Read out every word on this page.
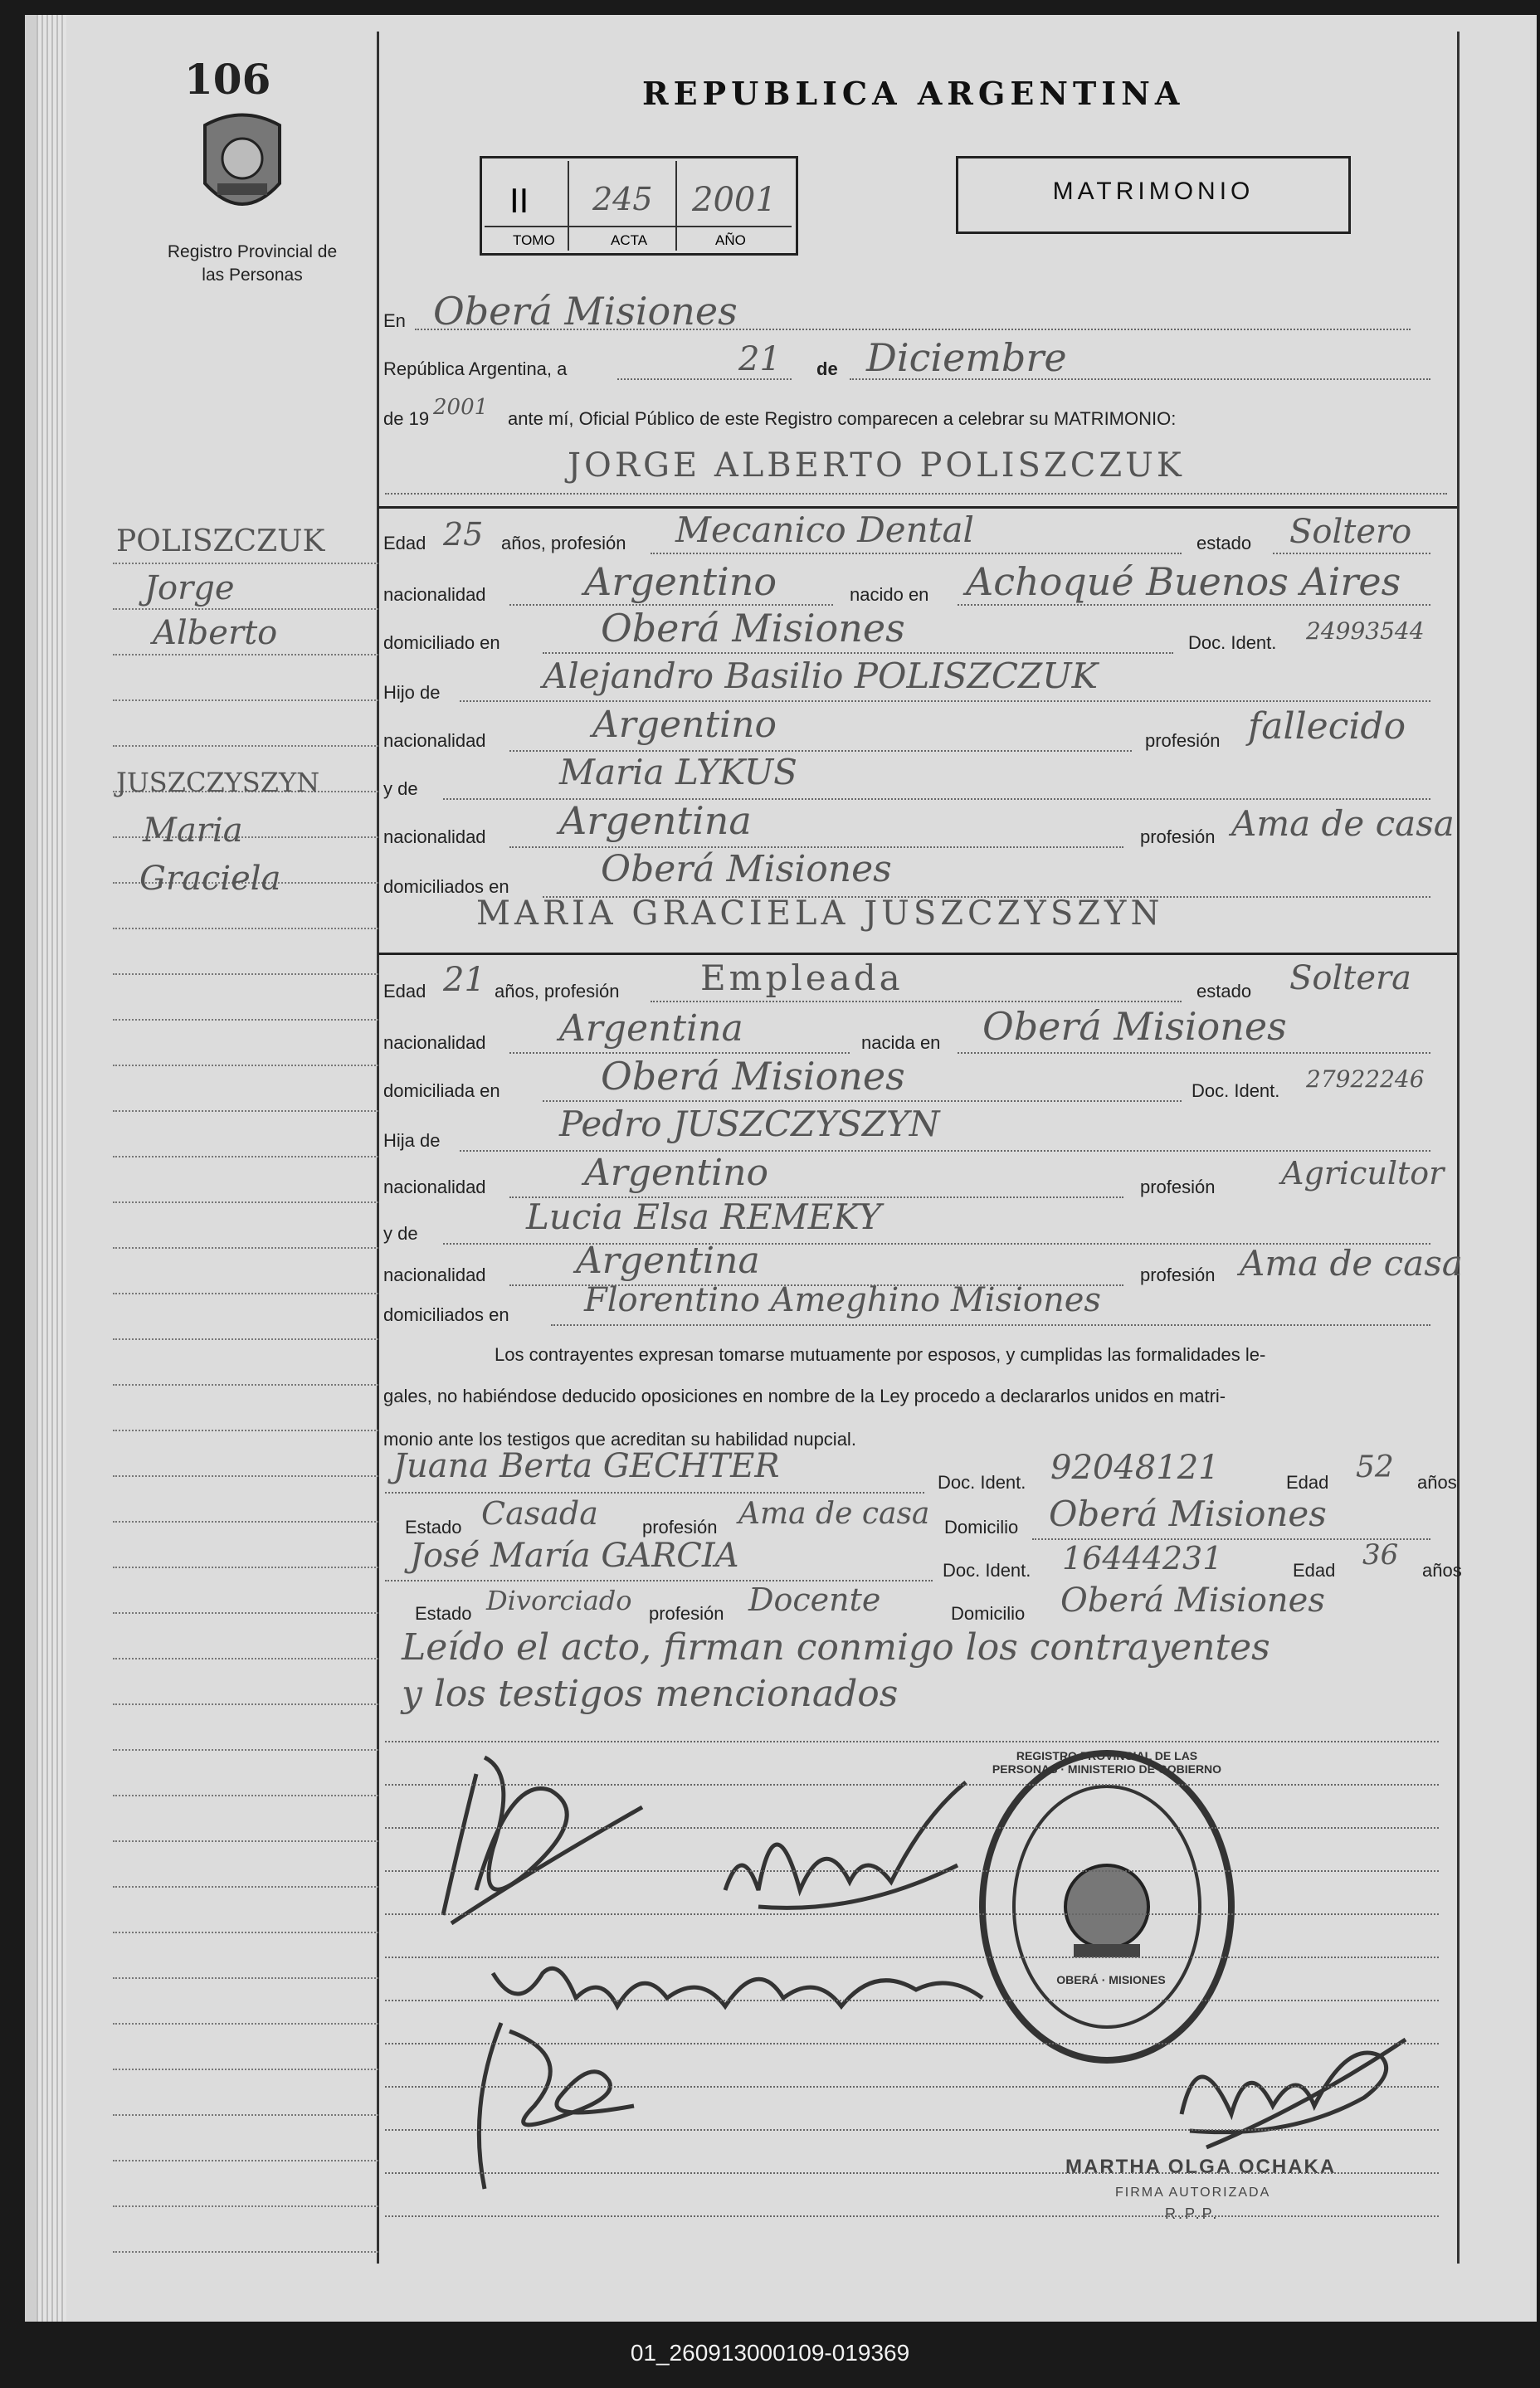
106
Registro Provincial de las Personas
REPUBLICA ARGENTINA
II 245 2001
TOMO	ACTA	AÑO
MATRIMONIO
En Oberá Misiones
República Argentina, a	21 de Diciembre
de 19 2001 ante mí, Oficial Público de este Registro comparecen a celebrar su MATRIMONIO:
JORGE ALBERTO POLISZCZUK
POLISZCZUK
Jorge
Alberto
JUSZCZYSZYN
Maria
Graciela
Edad 25 años, profesión Mecanico Dental	estado Soltero
nacionalidad	Argentino	nacido en Achoqué Buenos Aires
domiciliado en	Oberá Misiones	Doc. Ident. 24993544
Hijo de	Alejandro Basilio POLISZCZUK
nacionalidad	Argentino	profesión fallecido
y de	Maria LYKUS
nacionalidad Argentina	profesión Ama de casa
domiciliados en	Oberá Misiones
MARIA GRACIELA JUSZCZYSZYN
Edad 21 años, profesión Empleada	estado Soltera
nacionalidad Argentina	nacida en Oberá Misiones
domiciliada en	Oberá Misiones	Doc. Ident. 27922246
Hija de	Pedro JUSZCZYSZYN
nacionalidad	Argentino	profesión Agricultor
y de	Lucia Elsa REMEKY
nacionalidad Argentina	profesión Ama de casa
domiciliados en Florentino Ameghino Misiones
Los contrayentes expresan tomarse mutuamente por esposos, y cumplidas las formalidades le-
gales, no habiéndose deducido oposiciones en nombre de la Ley procedo a declararlos unidos en matri-
monio ante los testigos que acreditan su habilidad nupcial.
Juana Berta GECHTER	Doc. Ident. 92048121	Edad 52 años
Estado Casada profesión Ama de casa Domicilio Oberá Misiones
José María GARCIA	Doc. Ident. 16444231	Edad 36 años
Estado Divorciado profesión Docente	Domicilio Oberá Misiones
Leído el acto, firman conmigo los contrayentes
y los testigos mencionados
REGISTRO PROVINCIAL DE LAS PERSONAS · MINISTERIO DE GOBIERNO
OBERÁ · MISIONES
MARTHA OLGA OCHAKA
FIRMA AUTORIZADA
R.P.P.
01_260913000109-019369
